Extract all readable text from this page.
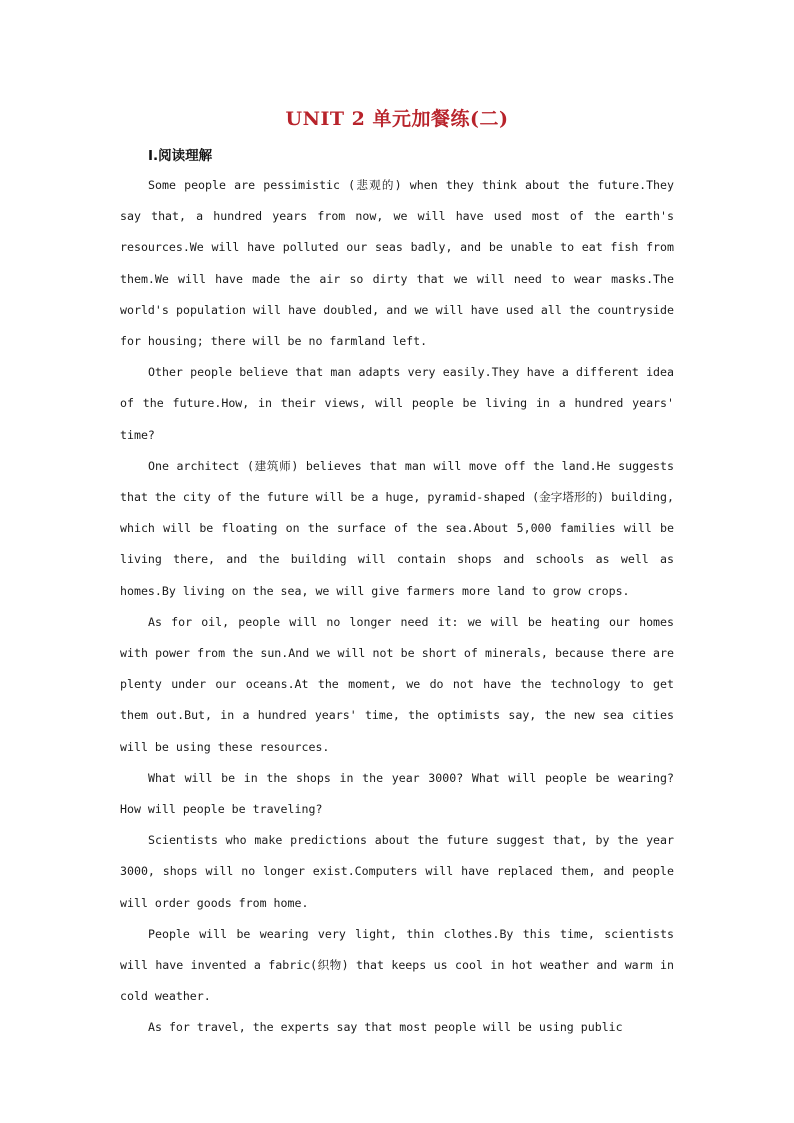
UNIT 2 单元加餐练(二)
Ⅰ.阅读理解

Some people are pessimistic (悲观的) when they think about the future.They say that, a hundred years from now, we will have used most of the earth's resources.We will have polluted our seas badly, and be unable to eat fish from them.We will have made the air so dirty that we will need to wear masks.The world's population will have doubled, and we will have used all the countryside for housing; there will be no farmland left.

Other people believe that man adapts very easily.They have a different idea of the future.How, in their views, will people be living in a hundred years' time?

One architect (建筑师) believes that man will move off the land.He suggests that the city of the future will be a huge, pyramid-shaped (金字塔形的) building, which will be floating on the surface of the sea.About 5,000 families will be living there, and the building will contain shops and schools as well as homes.By living on the sea, we will give farmers more land to grow crops.

As for oil, people will no longer need it: we will be heating our homes with power from the sun.And we will not be short of minerals, because there are plenty under our oceans.At the moment, we do not have the technology to get them out.But, in a hundred years' time, the optimists say, the new sea cities will be using these resources.

What will be in the shops in the year 3000? What will people be wearing? How will people be traveling?

Scientists who make predictions about the future suggest that, by the year 3000, shops will no longer exist.Computers will have replaced them, and people will order goods from home.

People will be wearing very light, thin clothes.By this time, scientists will have invented a fabric(织物) that keeps us cool in hot weather and warm in cold weather.

As for travel, the experts say that most people will be using public
